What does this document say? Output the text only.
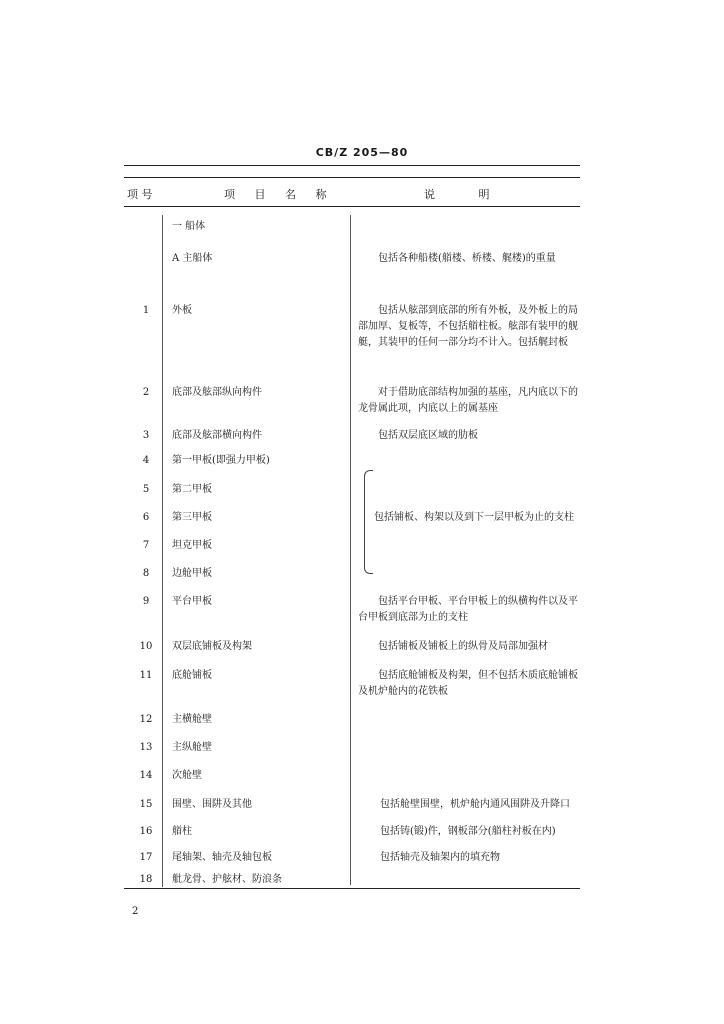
CB/Z 205—80
项 号	项 目 名 称	说 明
一 船体
A 主船体	包括各种船楼(艏楼、桥楼、艉楼)的重量
1	外板	包括从舷部到底部的所有外板，及外板上的局部加厚、复板等，不包括艏柱板。舷部有装甲的舰艇，其装甲的任何一部分均不计入。包括艉封板
2	底部及舷部纵向构件	对于借助底部结构加强的基座，凡内底以下的龙骨属此项，内底以上的属基座
3	底部及舷部横向构件	包括双层底区域的肋板
4	第一甲板(即强力甲板)
5	第二甲板
6	第三甲板	包括铺板、构架以及到下一层甲板为止的支柱
7	坦克甲板
8	边舱甲板
9	平台甲板	包括平台甲板、平台甲板上的纵横构件以及平台甲板到底部为止的支柱
10	双层底铺板及构架	包括铺板及铺板上的纵骨及局部加强材
11	底舱铺板	包括底舱铺板及构架，但不包括木质底舱铺板及机炉舱内的花铁板
12	主横舱壁
13	主纵舱壁
14	次舱壁
15	围壁、围阱及其他	包括舱壁围壁，机炉舱内通风围阱及升降口
16	艏柱	包括铸(锻)件，钢板部分(艏柱衬板在内)
17	尾轴架、轴壳及轴包板	包括轴壳及轴架内的填充物
18	舭龙骨、护舷材、防浪条
2
